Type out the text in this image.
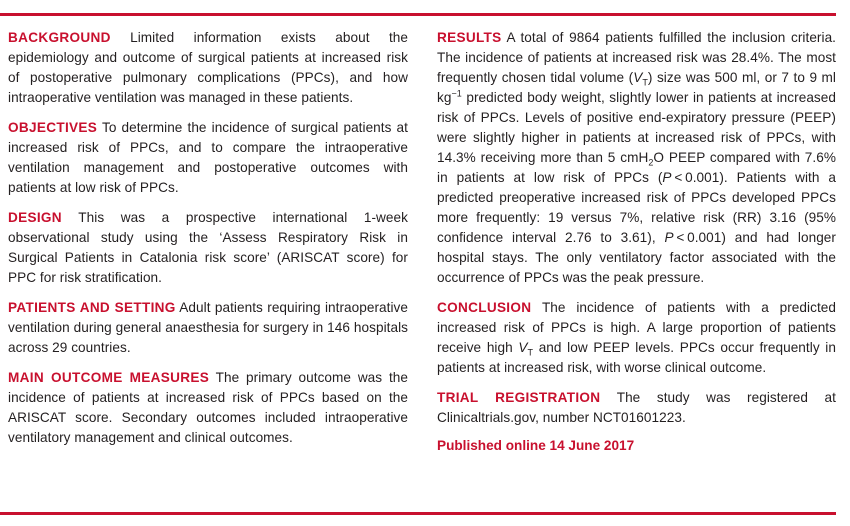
BACKGROUND Limited information exists about the epidemiology and outcome of surgical patients at increased risk of postoperative pulmonary complications (PPCs), and how intraoperative ventilation was managed in these patients.

OBJECTIVES To determine the incidence of surgical patients at increased risk of PPCs, and to compare the intraoperative ventilation management and postoperative outcomes with patients at low risk of PPCs.

DESIGN This was a prospective international 1-week observational study using the ‘Assess Respiratory Risk in Surgical Patients in Catalonia risk score’ (ARISCAT score) for PPC for risk stratification.

PATIENTS AND SETTING Adult patients requiring intraoperative ventilation during general anaesthesia for surgery in 146 hospitals across 29 countries.

MAIN OUTCOME MEASURES The primary outcome was the incidence of patients at increased risk of PPCs based on the ARISCAT score. Secondary outcomes included intraoperative ventilatory management and clinical outcomes.

RESULTS A total of 9864 patients fulfilled the inclusion criteria. The incidence of patients at increased risk was 28.4%. The most frequently chosen tidal volume $(V_T)$ size was 500 ml, or 7 to 9 ml $kg^{-1}$ predicted body weight, slightly lower in patients at increased risk of PPCs. Levels of positive end-expiratory pressure (PEEP) were slightly higher in patients at increased risk of PPCs, with 14.3% receiving more than 5 cmH$_2$O PEEP compared with 7.6% in patients at low risk of PPCs (P < 0.001). Patients with a predicted preoperative increased risk of PPCs developed PPCs more frequently: 19 versus 7%, relative risk (RR) 3.16 (95% confidence interval 2.76 to 3.61), P < 0.001) and had longer hospital stays. The only ventilatory factor associated with the occurrence of PPCs was the peak pressure.

CONCLUSION The incidence of patients with a predicted increased risk of PPCs is high. A large proportion of patients receive high $V_T$ and low PEEP levels. PPCs occur frequently in patients at increased risk, with worse clinical outcome.

TRIAL REGISTRATION The study was registered at Clinicaltrials.gov, number NCT01601223.

Published online 14 June 2017
